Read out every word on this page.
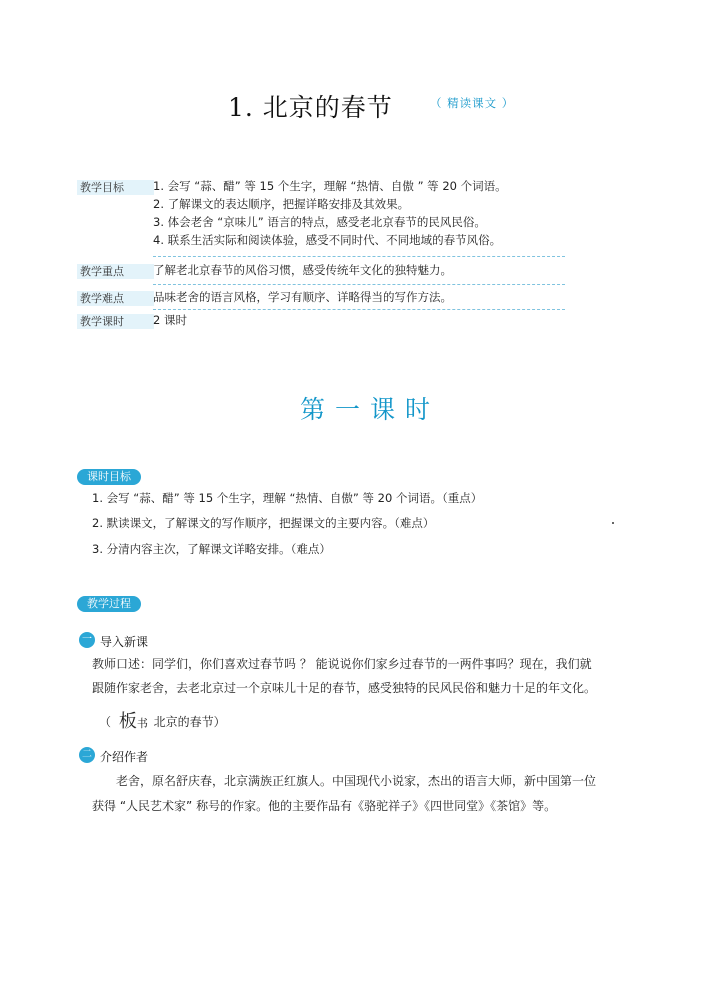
1. 北京的春节	（ 精读课文 ）
教学目标	1. 会写 “蒜、醋” 等 15 个生字，理解 “热情、自傲 ” 等 20 个词语。
2. 了解课文的表达顺序，把握详略安排及其效果。
3. 体会老舍 “京味儿” 语言的特点，感受老北京春节的民风民俗。
4. 联系生活实际和阅读体验，感受不同时代、不同地域的春节风俗。
教学重点	了解老北京春节的风俗习惯，感受传统年文化的独特魅力。
教学难点	品味老舍的语言风格，学习有顺序、详略得当的写作方法。
教学课时	2 课时
第一课时
课时目标
1. 会写 “蒜、醋” 等 15 个生字，理解 “热情、自傲” 等 20 个词语。（重点）
2. 默读课文，了解课文的写作顺序，把握课文的主要内容。（难点）
3. 分清内容主次，了解课文详略安排。（难点）
教学过程
一 导入新课
教师口述：同学们，你们喜欢过春节吗 ？ 能说说你们家乡过春节的一两件事吗？现在，我们就
跟随作家老舍，去老北京过一个京味儿十足的春节，感受独特的民风民俗和魅力十足的年文化。
（ 板书 北京的春节）
二 介绍作者
老舍，原名舒庆春，北京满族正红旗人。中国现代小说家，杰出的语言大师，新中国第一位
获得 “人民艺术家” 称号的作家。他的主要作品有《骆驼祥子》《四世同堂》《茶馆》等。
